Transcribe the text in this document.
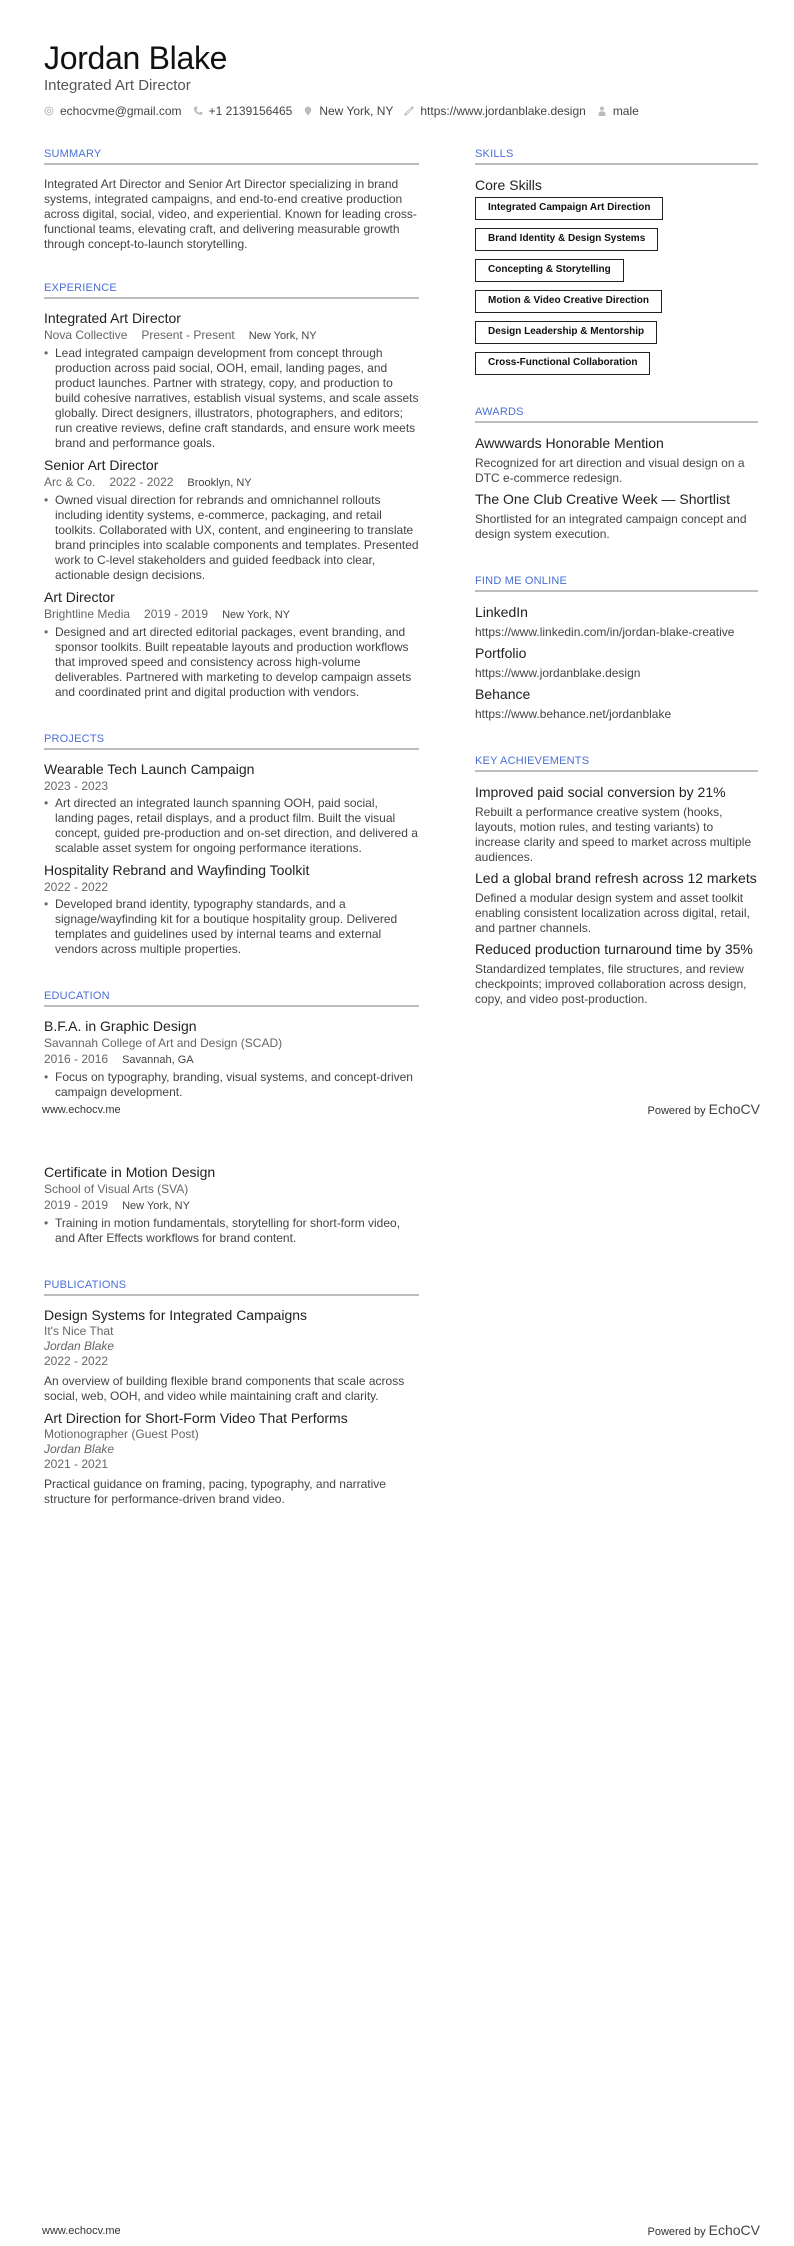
Jordan Blake
Integrated Art Director
echocvme@gmail.com +1 2139156465 New York, NY https://www.jordanblake.design male
SUMMARY

Integrated Art Director and Senior Art Director specializing in brand systems, integrated campaigns, and end-to-end creative production across digital, social, video, and experiential. Known for leading cross-functional teams, elevating craft, and delivering measurable growth through concept-to-launch storytelling.

EXPERIENCE
Integrated Art Director
Nova Collective Present - Present New York, NY
• Lead integrated campaign development from concept through production across paid social, OOH, email, landing pages, and product launches. Partner with strategy, copy, and production to build cohesive narratives, establish visual systems, and scale assets globally. Direct designers, illustrators, photographers, and editors; run creative reviews, define craft standards, and ensure work meets brand and performance goals.
Senior Art Director
Arc & Co. 2022 - 2022 Brooklyn, NY
• Owned visual direction for rebrands and omnichannel rollouts including identity systems, e-commerce, packaging, and retail toolkits. Collaborated with UX, content, and engineering to translate brand principles into scalable components and templates. Presented work to C-level stakeholders and guided feedback into clear, actionable design decisions.
Art Director
Brightline Media 2019 - 2019 New York, NY
• Designed and art directed editorial packages, event branding, and sponsor toolkits. Built repeatable layouts and production workflows that improved speed and consistency across high-volume deliverables. Partnered with marketing to develop campaign assets and coordinated print and digital production with vendors.
PROJECTS
Wearable Tech Launch Campaign
2023 - 2023
• Art directed an integrated launch spanning OOH, paid social, landing pages, retail displays, and a product film. Built the visual concept, guided pre-production and on-set direction, and delivered a scalable asset system for ongoing performance iterations.
Hospitality Rebrand and Wayfinding Toolkit
2022 - 2022
• Developed brand identity, typography standards, and a signage/wayfinding kit for a boutique hospitality group. Delivered templates and guidelines used by internal teams and external vendors across multiple properties.
EDUCATION
B.F.A. in Graphic Design
Savannah College of Art and Design (SCAD)
2016 - 2016 Savannah, GA
• Focus on typography, branding, visual systems, and concept-driven campaign development.
SKILLS
Core Skills
Integrated Campaign Art Direction
Brand Identity & Design Systems
Concepting & Storytelling
Motion & Video Creative Direction
Design Leadership & Mentorship
Cross-Functional Collaboration
AWARDS
Awwwards Honorable Mention

Recognized for art direction and visual design on a DTC e-commerce redesign.

The One Club Creative Week — Shortlist

Shortlisted for an integrated campaign concept and design system execution.

FIND ME ONLINE
LinkedIn
https://www.linkedin.com/in/jordan-blake-creative
Portfolio
https://www.jordanblake.design
Behance
https://www.behance.net/jordanblake
KEY ACHIEVEMENTS
Improved paid social conversion by 21%

Rebuilt a performance creative system (hooks, layouts, motion rules, and testing variants) to increase clarity and speed to market across multiple audiences.

Led a global brand refresh across 12 markets

Defined a modular design system and asset toolkit enabling consistent localization across digital, retail, and partner channels.

Reduced production turnaround time by 35%

Standardized templates, file structures, and review checkpoints; improved collaboration across design, copy, and video post-production.

www.echocv.me	Powered by EchoCV
Certificate in Motion Design
School of Visual Arts (SVA)
2019 - 2019 New York, NY
• Training in motion fundamentals, storytelling for short-form video, and After Effects workflows for brand content.
PUBLICATIONS
Design Systems for Integrated Campaigns
It's Nice That
Jordan Blake
2022 - 2022

An overview of building flexible brand components that scale across social, web, OOH, and video while maintaining craft and clarity.

Art Direction for Short-Form Video That Performs
Motionographer (Guest Post)
Jordan Blake
2021 - 2021

Practical guidance on framing, pacing, typography, and narrative structure for performance-driven brand video.

www.echocv.me	Powered by EchoCV
